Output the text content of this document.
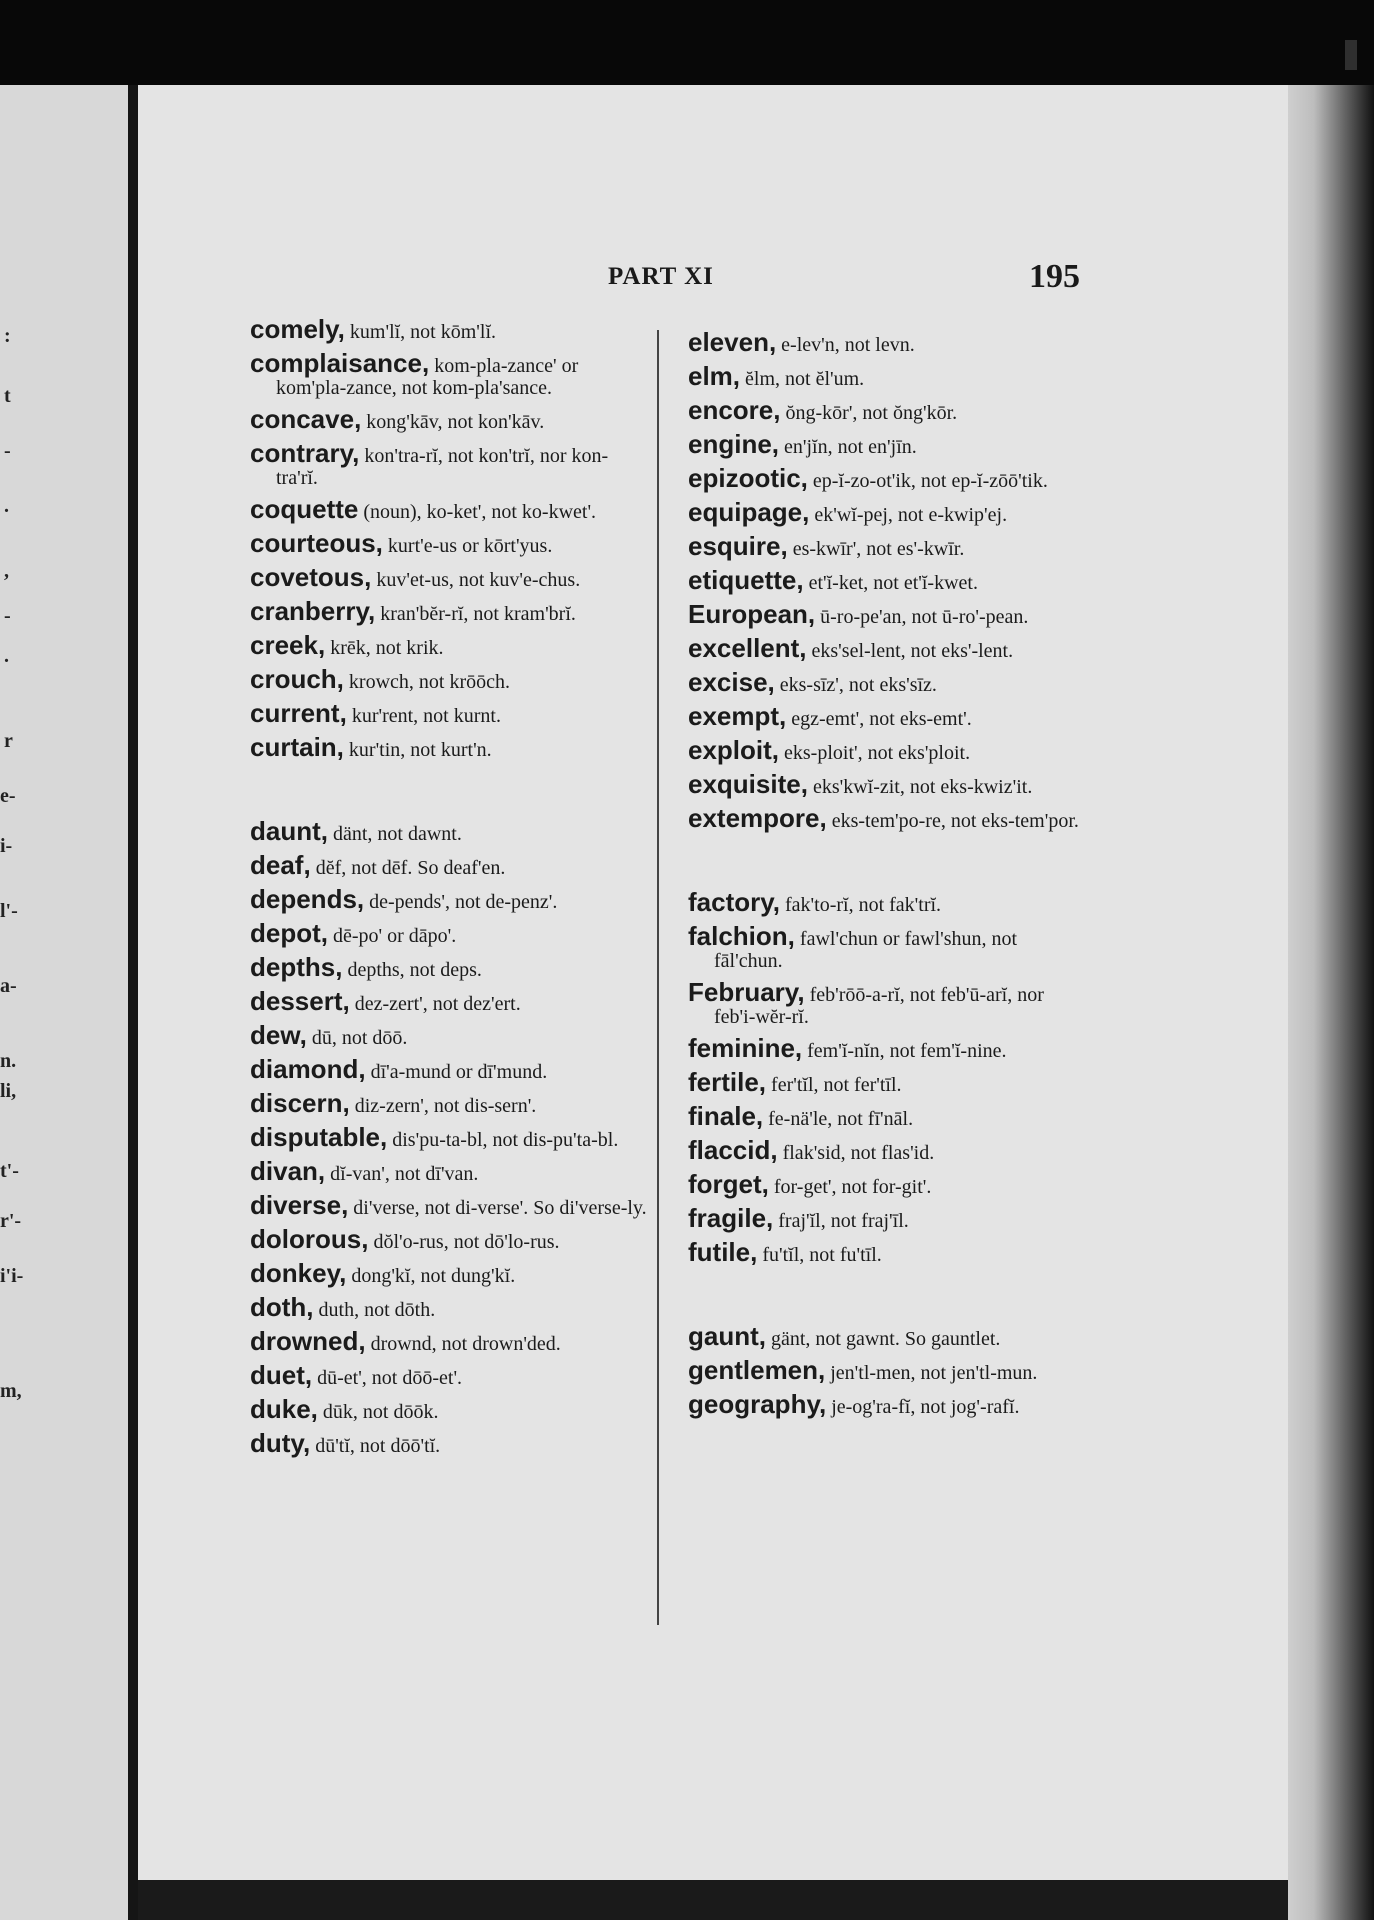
:
t
-
.
,
-
.
r
e-
i-
l'-
a-
n.
li,
t'-
r'-
i'i-
m,
PART XI	195
comely, kum'lĭ, not kōm'lĭ.
complaisance, kom-pla-zance' or kom'pla-zance, not kom-pla'sance.
concave, kong'kāv, not kon'kāv.
contrary, kon'tra-rĭ, not kon'trĭ, nor kon-tra'rĭ.
coquette (noun), ko-ket', not ko-kwet'.
courteous, kurt'e-us or kōrt'yus.
covetous, kuv'et-us, not kuv'e-chus.
cranberry, kran'bĕr-rĭ, not kram'brĭ.
creek, krēk, not krik.
crouch, krowch, not krōōch.
current, kur'rent, not kurnt.
curtain, kur'tin, not kurt'n.
daunt, dänt, not dawnt.
deaf, dĕf, not dēf. So deaf'en.
depends, de-pends', not de-penz'.
depot, dē-po' or dāpo'.
depths, depths, not deps.
dessert, dez-zert', not dez'ert.
dew, dū, not dōō.
diamond, dī'a-mund or dī'mund.
discern, diz-zern', not dis-sern'.
disputable, dis'pu-ta-bl, not dis-pu'ta-bl.
divan, dĭ-van', not dī'van.
diverse, di'verse, not di-verse'. So di'verse-ly.
dolorous, dŏl'o-rus, not dō'lo-rus.
donkey, dong'kĭ, not dung'kĭ.
doth, duth, not dōth.
drowned, drownd, not drown'ded.
duet, dū-et', not dōō-et'.
duke, dūk, not dōōk.
duty, dū'tĭ, not dōō'tĭ.
eleven, e-lev'n, not levn.
elm, ĕlm, not ĕl'um.
encore, ŏng-kōr', not ŏng'kōr.
engine, en'jĭn, not en'jīn.
epizootic, ep-ĭ-zo-ot'ik, not ep-ĭ-zōō'tik.
equipage, ek'wĭ-pej, not e-kwip'ej.
esquire, es-kwīr', not es'-kwīr.
etiquette, et'ĭ-ket, not et'ĭ-kwet.
European, ū-ro-pe'an, not ū-ro'-pean.
excellent, eks'sel-lent, not eks'-lent.
excise, eks-sīz', not eks'sīz.
exempt, egz-emt', not eks-emt'.
exploit, eks-ploit', not eks'ploit.
exquisite, eks'kwĭ-zit, not eks-kwiz'it.
extempore, eks-tem'po-re, not eks-tem'por.
factory, fak'to-rĭ, not fak'trĭ.
falchion, fawl'chun or fawl'shun, not fāl'chun.
February, feb'rōō-a-rĭ, not feb'ū-arĭ, nor feb'i-wĕr-rĭ.
feminine, fem'ĭ-nĭn, not fem'ĭ-nine.
fertile, fer'tĭl, not fer'tīl.
finale, fe-nä'le, not fī'nāl.
flaccid, flak'sid, not flas'id.
forget, for-get', not for-git'.
fragile, fraj'ĭl, not fraj'īl.
futile, fu'tĭl, not fu'tīl.
gaunt, gänt, not gawnt. So gauntlet.
gentlemen, jen'tl-men, not jen'tl-mun.
geography, je-og'ra-fĭ, not jog'-rafĭ.
